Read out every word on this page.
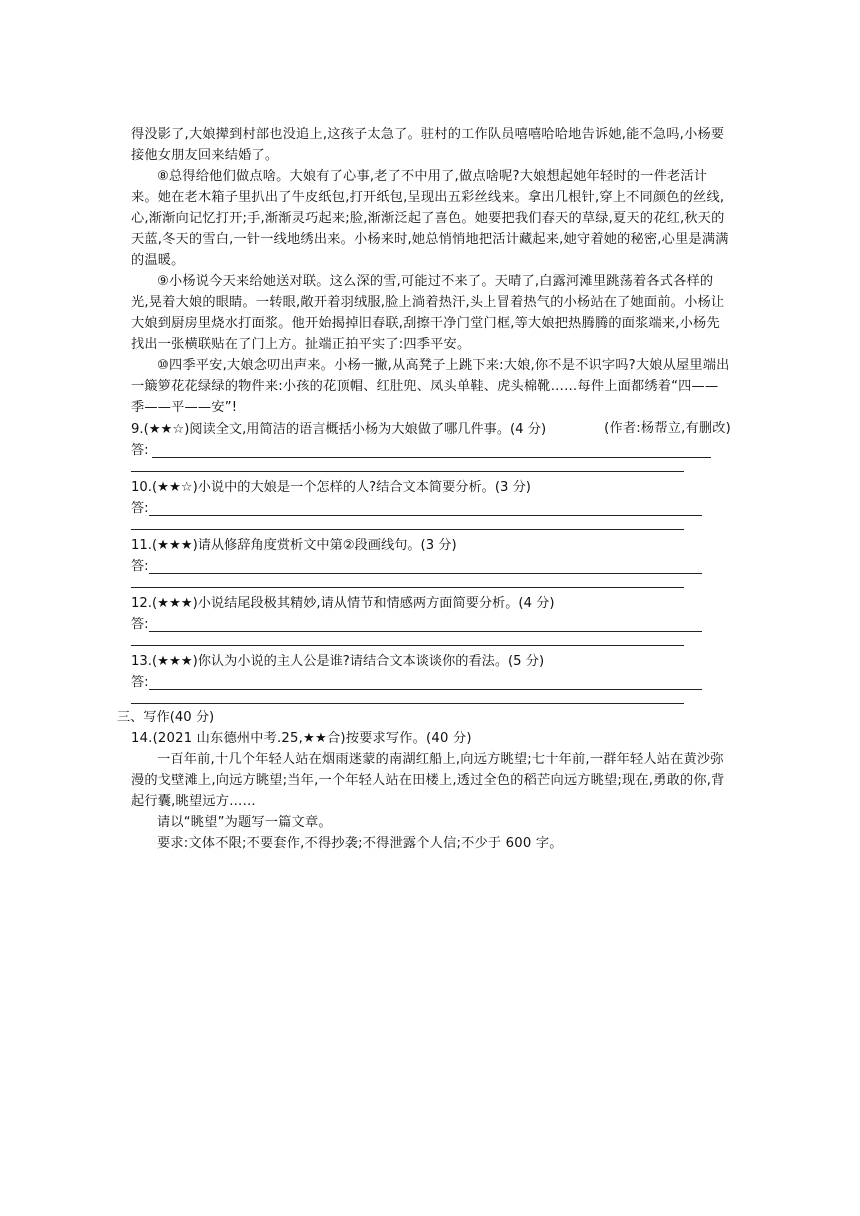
得没影了,大娘撵到村部也没追上,这孩子太急了。驻村的工作队员嘻嘻哈哈地告诉她,能不急吗,小杨要接他女朋友回来结婚了。

⑧总得给他们做点啥。大娘有了心事,老了不中用了,做点啥呢?大娘想起她年轻时的一件老活计来。她在老木箱子里扒出了牛皮纸包,打开纸包,呈现出五彩丝线来。拿出几根针,穿上不同颜色的丝线,心,渐渐向记忆打开;手,渐渐灵巧起来;脸,渐渐泛起了喜色。她要把我们春天的草绿,夏天的花红,秋天的天蓝,冬天的雪白,一针一线地绣出来。小杨来时,她总悄悄地把活计藏起来,她守着她的秘密,心里是满满的温暖。

⑨小杨说今天来给她送对联。这么深的雪,可能过不来了。天晴了,白露河滩里跳荡着各式各样的光,晃着大娘的眼睛。一转眼,敞开着羽绒服,脸上淌着热汗,头上冒着热气的小杨站在了她面前。小杨让大娘到厨房里烧水打面浆。他开始揭掉旧春联,刮擦干净门堂门框,等大娘把热腾腾的面浆端来,小杨先找出一张横联贴在了门上方。扯端正拍平实了:四季平安。

⑩四季平安,大娘念叨出声来。小杨一撇,从高凳子上跳下来:大娘,你不是不识字吗?大娘从屋里端出一簸箩花花绿绿的物件来:小孩的花顶帽、红肚兜、凤头单鞋、虎头棉靴……每件上面都绣着“四——季——平——安”!

(作者:杨帮立,有删改)

9.(★★☆)阅读全文,用简洁的语言概括小杨为大娘做了哪几件事。(4 分)

答:

10.(★★☆)小说中的大娘是一个怎样的人?结合文本简要分析。(3 分)

答:

11.(★★★)请从修辞角度赏析文中第②段画线句。(3 分)

答:

12.(★★★)小说结尾段极其精妙,请从情节和情感两方面简要分析。(4 分)

答:

13.(★★★)你认为小说的主人公是谁?请结合文本谈谈你的看法。(5 分)

答:

三、写作(40 分)

14.(2021 山东德州中考.25,★★合)按要求写作。(40 分)

一百年前,十几个年轻人站在烟雨迷蒙的南湖红船上,向远方眺望;七十年前,一群年轻人站在黄沙弥漫的戈壁滩上,向远方眺望;当年,一个年轻人站在田楼上,透过全色的稻芒向远方眺望;现在,勇敢的你,背起行囊,眺望远方……

请以“眺望”为题写一篇文章。

要求:文体不限;不要套作,不得抄袭;不得泄露个人信;不少于 600 字。
